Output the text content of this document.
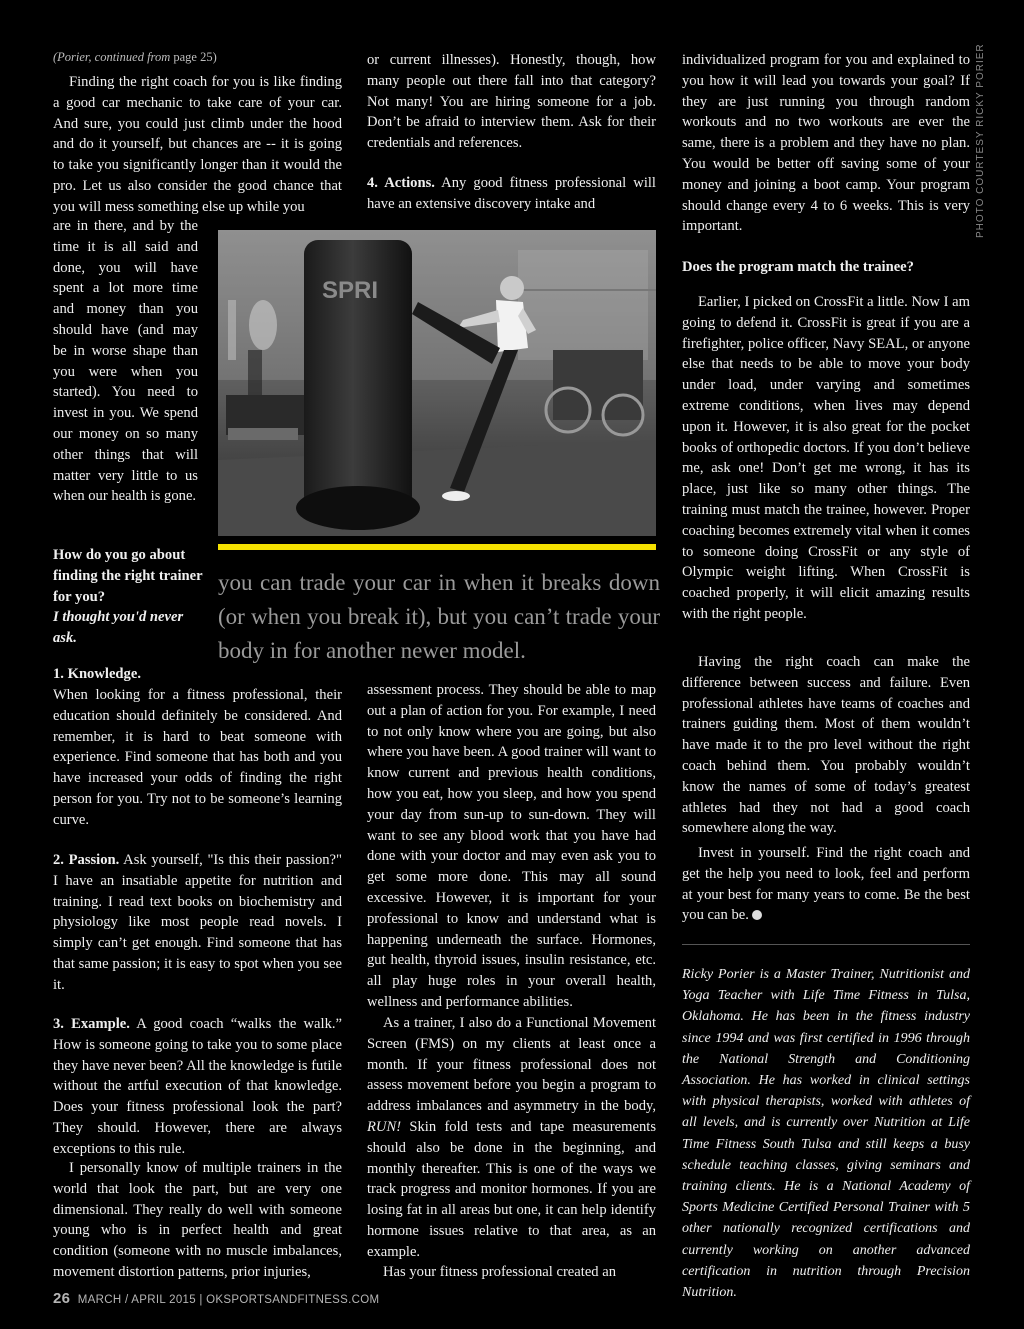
(Porier, continued from page 25)

Finding the right coach for you is like finding a good car mechanic to take care of your car. And sure, you could just climb under the hood and do it yourself, but chances are -- it is going to take you significantly longer than it would the pro. Let us also consider the good chance that you will mess something else up while you

are in there, and by the time it is all said and done, you will have spent a lot more time and money than you should have (and may be in worse shape than you were when you started). You need to invest in you. We spend our money on so many other things that will matter very little to us when our health is gone.

How do you go about finding the right trainer for you?
I thought you'd never ask.
1. Knowledge.

When looking for a fitness professional, their education should definitely be considered. And remember, it is hard to beat someone with experience. Find someone that has both and you have increased your odds of finding the right person for you. Try not to be someone’s learning curve.

2. Passion. Ask yourself, "Is this their passion?" I have an insatiable appetite for nutrition and training. I read text books on biochemistry and physiology like most people read novels. I simply can’t get enough. Find someone that has that same passion; it is easy to spot when you see it.

3. Example. A good coach “walks the walk.” How is someone going to take you to some place they have never been? All the knowledge is futile without the artful execution of that knowledge. Does your fitness professional look the part? They should. However, there are always exceptions to this rule.

I personally know of multiple trainers in the world that look the part, but are very one dimensional. They really do well with someone young who is in perfect health and great condition (someone with no muscle imbalances, movement distortion patterns, prior injuries,

or current illnesses). Honestly, though, how many people out there fall into that category? Not many! You are hiring someone for a job. Don’t be afraid to interview them. Ask for their credentials and references.

4. Actions. Any good fitness professional will have an extensive discovery intake and

SPRI

you can trade your car in when it breaks down (or when you break it), but you can’t trade your body in for another newer model.

assessment process. They should be able to map out a plan of action for you. For example, I need to not only know where you are going, but also where you have been. A good trainer will want to know current and previous health conditions, how you eat, how you sleep, and how you spend your day from sun-up to sun-down. They will want to see any blood work that you have had done with your doctor and may even ask you to get some more done. This may all sound excessive. However, it is important for your professional to know and understand what is happening underneath the surface. Hormones, gut health, thyroid issues, insulin resistance, etc. all play huge roles in your overall health, wellness and performance abilities.

As a trainer, I also do a Functional Movement Screen (FMS) on my clients at least once a month. If your fitness professional does not assess movement before you begin a program to address imbalances and asymmetry in the body, RUN! Skin fold tests and tape measurements should also be done in the beginning, and monthly thereafter. This is one of the ways we track progress and monitor hormones. If you are losing fat in all areas but one, it can help identify hormone issues relative to that area, as an example.

Has your fitness professional created an

individualized program for you and explained to you how it will lead you towards your goal? If they are just running you through random workouts and no two workouts are ever the same, there is a problem and they have no plan. You would be better off saving some of your money and joining a boot camp. Your program should change every 4 to 6 weeks. This is very important.

Does the program match the trainee?

Earlier, I picked on CrossFit a little. Now I am going to defend it. CrossFit is great if you are a firefighter, police officer, Navy SEAL, or anyone else that needs to be able to move your body under load, under varying and sometimes extreme conditions, when lives may depend upon it. However, it is also great for the pocket books of orthopedic doctors. If you don’t believe me, ask one! Don’t get me wrong, it has its place, just like so many other things. The training must match the trainee, however. Proper coaching becomes extremely vital when it comes to someone doing CrossFit or any style of Olympic weight lifting. When CrossFit is coached properly, it will elicit amazing results with the right people.

Having the right coach can make the difference between success and failure. Even professional athletes have teams of coaches and trainers guiding them. Most of them wouldn’t have made it to the pro level without the right coach behind them. You probably wouldn’t know the names of some of today’s greatest athletes had they not had a good coach somewhere along the way.

Invest in yourself. Find the right coach and get the help you need to look, feel and perform at your best for many years to come. Be the best you can be.

Ricky Porier is a Master Trainer, Nutritionist and Yoga Teacher with Life Time Fitness in Tulsa, Oklahoma. He has been in the fitness industry since 1994 and was first certified in 1996 through the National Strength and Conditioning Association. He has worked in clinical settings with physical therapists, worked with athletes of all levels, and is currently over Nutrition at Life Time Fitness South Tulsa and still keeps a busy schedule teaching classes, giving seminars and training clients. He is a National Academy of Sports Medicine Certified Personal Trainer with 5 other nationally recognized certifications and currently working on another advanced certification in nutrition through Precision Nutrition.

PHOTO COURTESY RICKY PORIER
26 MARCH / APRIL 2015 | OKSPORTSANDFITNESS.COM
